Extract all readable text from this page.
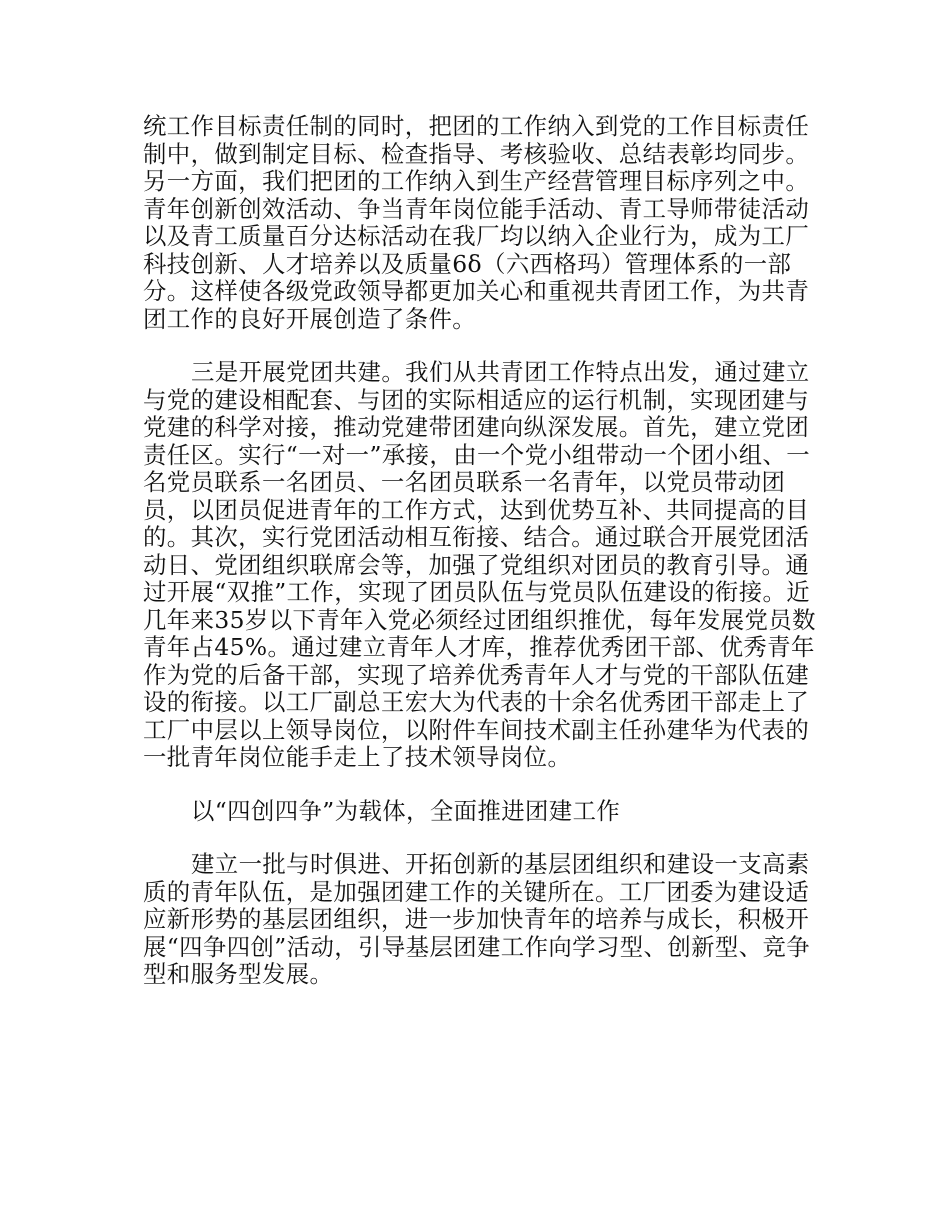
统工作目标责任制的同时，把团的工作纳入到党的工作目标责任制中，做到制定目标、检查指导、考核验收、总结表彰均同步。另一方面，我们把团的工作纳入到生产经营管理目标序列之中。青年创新创效活动、争当青年岗位能手活动、青工导师带徒活动以及青工质量百分达标活动在我厂均以纳入企业行为，成为工厂科技创新、人才培养以及质量6δ（六西格玛）管理体系的一部分。这样使各级党政领导都更加关心和重视共青团工作，为共青团工作的良好开展创造了条件。

三是开展党团共建。我们从共青团工作特点出发，通过建立与党的建设相配套、与团的实际相适应的运行机制，实现团建与党建的科学对接，推动党建带团建向纵深发展。首先，建立党团责任区。实行“一对一”承接，由一个党小组带动一个团小组、一名党员联系一名团员、一名团员联系一名青年，以党员带动团员，以团员促进青年的工作方式，达到优势互补、共同提高的目的。其次，实行党团活动相互衔接、结合。通过联合开展党团活动日、党团组织联席会等，加强了党组织对团员的教育引导。通过开展“双推”工作，实现了团员队伍与党员队伍建设的衔接。近几年来35岁以下青年入党必须经过团组织推优，每年发展党员数青年占45%。通过建立青年人才库，推荐优秀团干部、优秀青年作为党的后备干部，实现了培养优秀青年人才与党的干部队伍建设的衔接。以工厂副总王宏大为代表的十余名优秀团干部走上了工厂中层以上领导岗位，以附件车间技术副主任孙建华为代表的一批青年岗位能手走上了技术领导岗位。

以“四创四争”为载体，全面推进团建工作

建立一批与时俱进、开拓创新的基层团组织和建设一支高素质的青年队伍，是加强团建工作的关键所在。工厂团委为建设适应新形势的基层团组织，进一步加快青年的培养与成长，积极开展“四争四创”活动，引导基层团建工作向学习型、创新型、竞争型和服务型发展。
